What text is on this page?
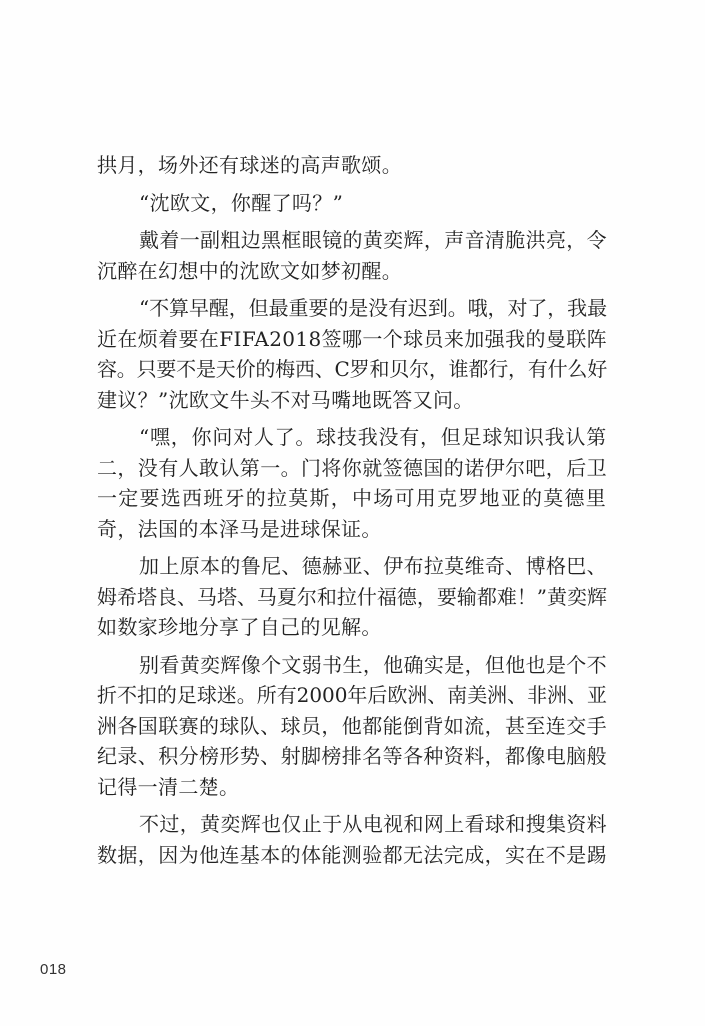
拱月，场外还有球迷的高声歌颂。
“沈欧文，你醒了吗？”
戴着一副粗边黑框眼镜的黄奕辉，声音清脆洪亮，令
沉醉在幻想中的沈欧文如梦初醒。
“不算早醒，但最重要的是没有迟到。哦，对了，我最
近在烦着要在FIFA2018签哪一个球员来加强我的曼联阵
容。只要不是天价的梅西、C罗和贝尔，谁都行，有什么好
建议？”沈欧文牛头不对马嘴地既答又问。
“嘿，你问对人了。球技我没有，但足球知识我认第
二，没有人敢认第一。门将你就签德国的诺伊尔吧，后卫
一定要选西班牙的拉莫斯，中场可用克罗地亚的莫德里
奇，法国的本泽马是进球保证。
加上原本的鲁尼、德赫亚、伊布拉莫维奇、博格巴、
姆希塔良、马塔、马夏尔和拉什福德，要输都难！”黄奕辉
如数家珍地分享了自己的见解。
别看黄奕辉像个文弱书生，他确实是，但他也是个不
折不扣的足球迷。所有2000年后欧洲、南美洲、非洲、亚
洲各国联赛的球队、球员，他都能倒背如流，甚至连交手
纪录、积分榜形势、射脚榜排名等各种资料，都像电脑般
记得一清二楚。
不过，黄奕辉也仅止于从电视和网上看球和搜集资料
数据，因为他连基本的体能测验都无法完成，实在不是踢
018
